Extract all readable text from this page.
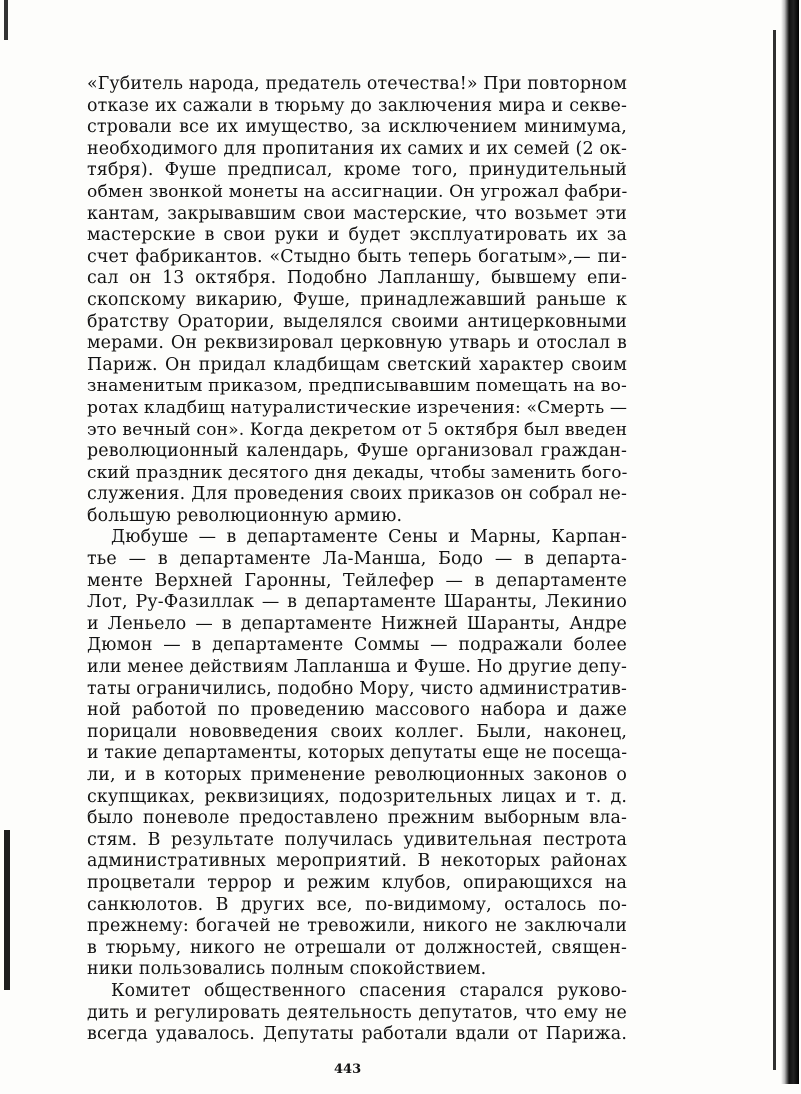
«Губитель народа, предатель отечества!» При повторном
отказе их сажали в тюрьму до заключения мира и секве-
стровали все их имущество, за исключением минимума,
необходимого для пропитания их самих и их семей (2 ок-
тября). Фуше предписал, кроме того, принудительный
обмен звонкой монеты на ассигнации. Он угрожал фабри-
кантам, закрывавшим свои мастерские, что возьмет эти
мастерские в свои руки и будет эксплуатировать их за
счет фабрикантов. «Стыдно быть теперь богатым»,— пи-
сал он 13 октября. Подобно Лапланшу, бывшему епи-
скопскому викарию, Фуше, принадлежавший раньше к
братству Оратории, выделялся своими антицерковными
мерами. Он реквизировал церковную утварь и отослал в
Париж. Он придал кладбищам светский характер своим
знаменитым приказом, предписывавшим помещать на во-
ротах кладбищ натуралистические изречения: «Смерть —
это вечный сон». Когда декретом от 5 октября был введен
революционный календарь, Фуше организовал граждан-
ский праздник десятого дня декады, чтобы заменить бого-
служения. Для проведения своих приказов он собрал не-
большую революционную армию.
Дюбуше — в департаменте Сены и Марны, Карпан-
тье — в департаменте Ла-Манша, Бодо — в департа-
менте Верхней Гаронны, Тейлефер — в департаменте
Лот, Ру-Фазиллак — в департаменте Шаранты, Лекинио
и Леньело — в департаменте Нижней Шаранты, Андре
Дюмон — в департаменте Соммы — подражали более
или менее действиям Лапланша и Фуше. Но другие депу-
таты ограничились, подобно Мору, чисто административ-
ной работой по проведению массового набора и даже
порицали нововведения своих коллег. Были, наконец,
и такие департаменты, которых депутаты еще не посеща-
ли, и в которых применение революционных законов о
скупщиках, реквизициях, подозрительных лицах и т. д.
было поневоле предоставлено прежним выборным вла-
стям. В результате получилась удивительная пестрота
административных мероприятий. В некоторых районах
процветали террор и режим клубов, опирающихся на
санкюлотов. В других все, по-видимому, осталось по-
прежнему: богачей не тревожили, никого не заключали
в тюрьму, никого не отрешали от должностей, священ-
ники пользовались полным спокойствием.
Комитет общественного спасения старался руково-
дить и регулировать деятельность депутатов, что ему не
всегда удавалось. Депутаты работали вдали от Парижа.
443
